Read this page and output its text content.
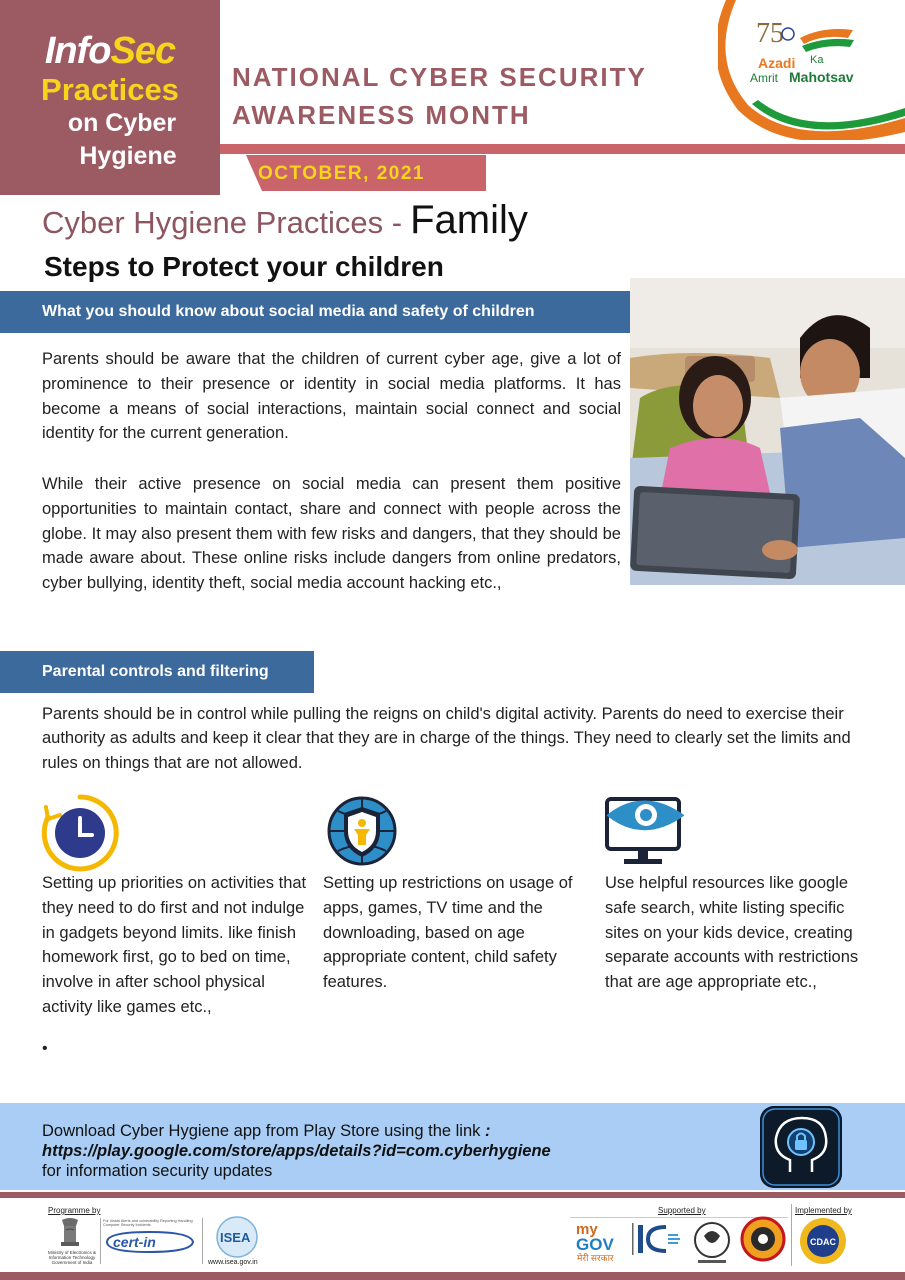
InfoSec
Practices
on Cyber
Hygiene
NATIONAL CYBER SECURITY
AWARENESS MONTH
OCTOBER, 2021
75
Azadi Ka
Amrit Mahotsav
Cyber Hygiene Practices - Family
Steps to Protect your children
What you should know about social media and safety of children
Parents should be aware that the children of current cyber age, give a lot of prominence to their presence or identity in social media platforms. It has become a means of social interactions, maintain social connect and social identity for the current generation.
While their active presence on social media can present them positive opportunities to maintain contact, share and connect with people across the globe. It may also present them with few risks and dangers, that they should be made aware about. These online risks include dangers from online predators, cyber bullying, identity theft, social media account hacking etc.,
Parental controls and filtering
Parents should be in control while pulling the reigns on child's digital activity. Parents do need to exercise their authority as adults and keep it clear that they are in charge of the things. They need to clearly set the limits and rules on things that are not allowed.
Setting up priorities on activities that they need to do first and not indulge in gadgets beyond limits. like finish homework first, go to bed on time, involve in after school physical activity like games etc.,
Setting up restrictions on usage of apps, games, TV time and the downloading, based on age appropriate content, child safety features.
Use helpful resources like google safe search, white listing specific sites on your kids device, creating separate accounts with restrictions that are age appropriate etc.,
•
Download Cyber Hygiene app from Play Store using the link :
https://play.google.com/store/apps/details?id=com.cyberhygiene
for information security updates
Programme by	Supported by	Implemented by
Ministry of Electronics & Information Technology Government of India
For Vistas Alerts and vulnerability Reporting Handling Computer Security Incidents
cert-in	ISEA
www.isea.gov.in
my
GOV
मेरी सरकार
CDAC
